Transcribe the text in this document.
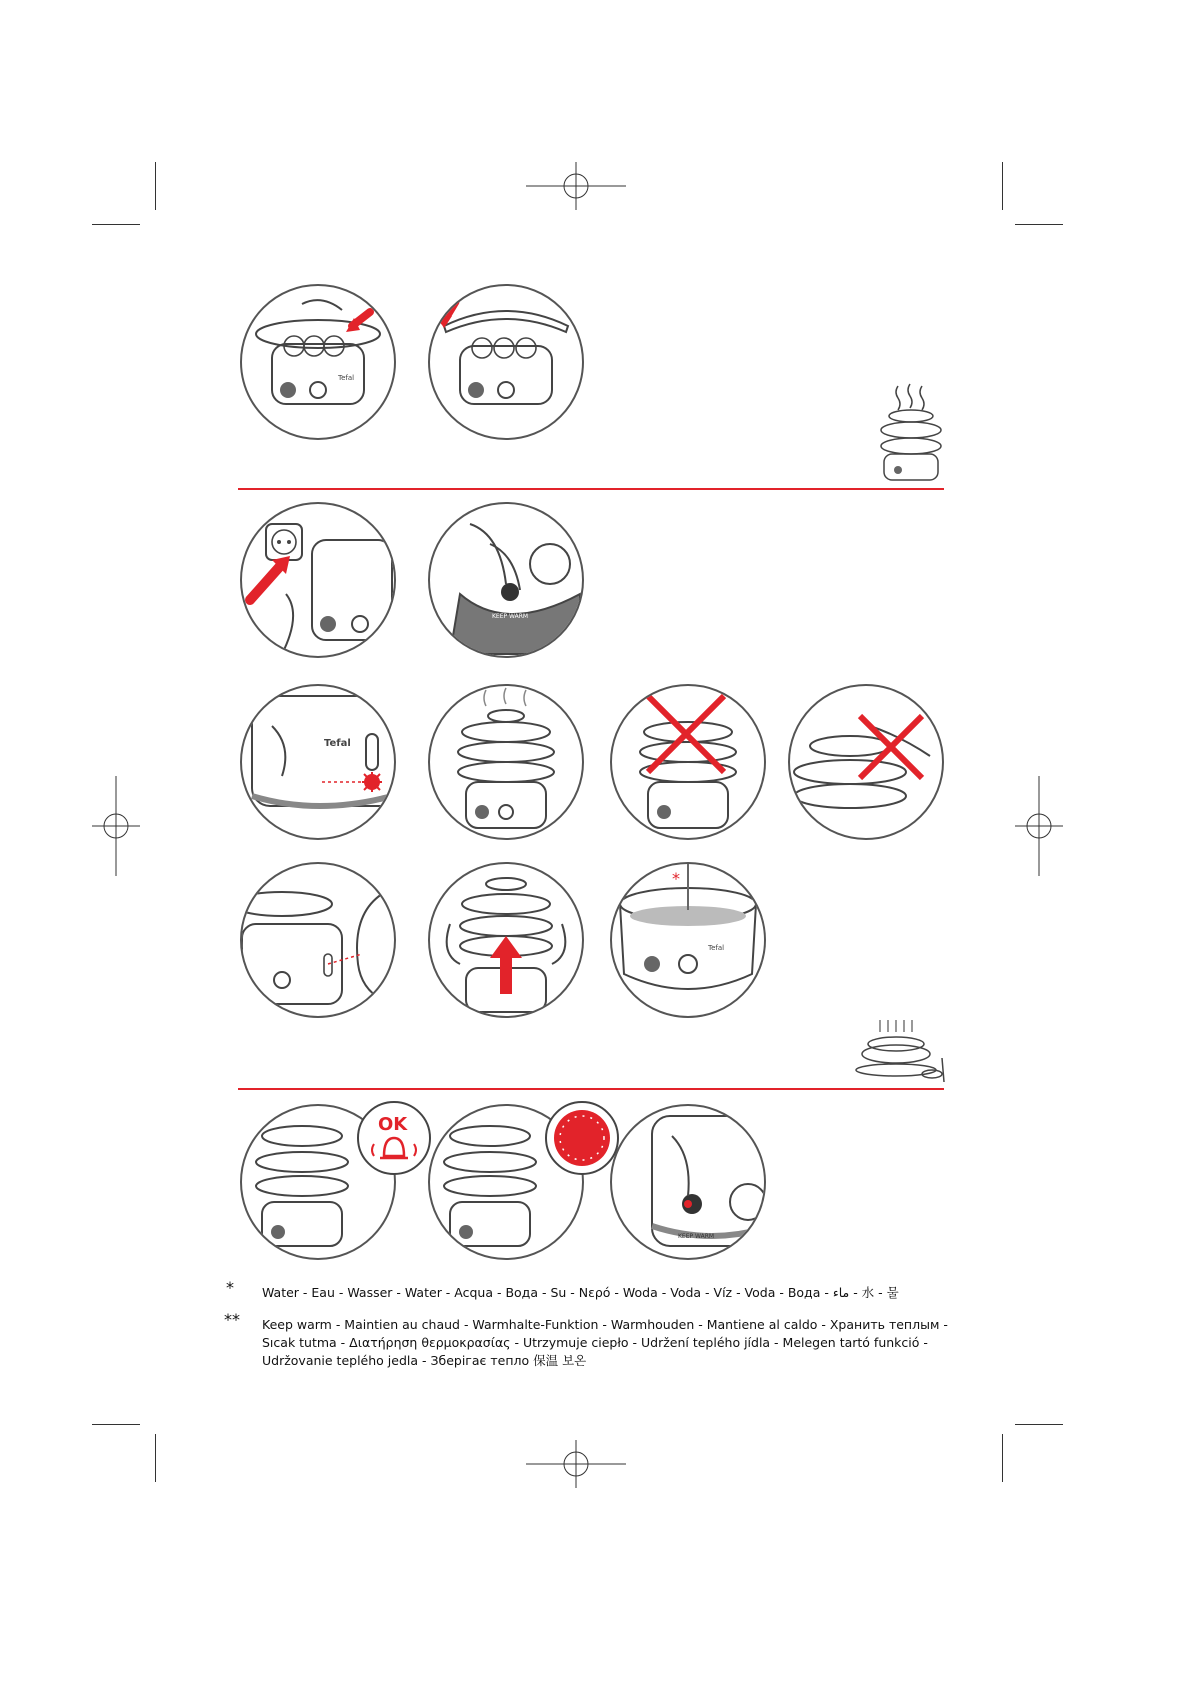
Tefal
KEEP WARM
Tefal
*
Tefal
OK
KEEP WARM
* Water - Eau - Wasser - Water - Acqua - Вода - Su - Νερό - Woda - Voda - Víz - Voda - Вода - ماء - 水 - 물
**	Keep warm - Maintien au chaud - Warmhalte-Funktion - Warmhouden - Mantiene al caldo - Хранить теплым -
Sıcak tutma - Διατήρηση θερμοκρασίας - Utrzymuje ciepło - Udržení teplého jídla - Melegen tartó funkció -
Udržovanie teplého jedla - Зберігає тепло 保温 보온
